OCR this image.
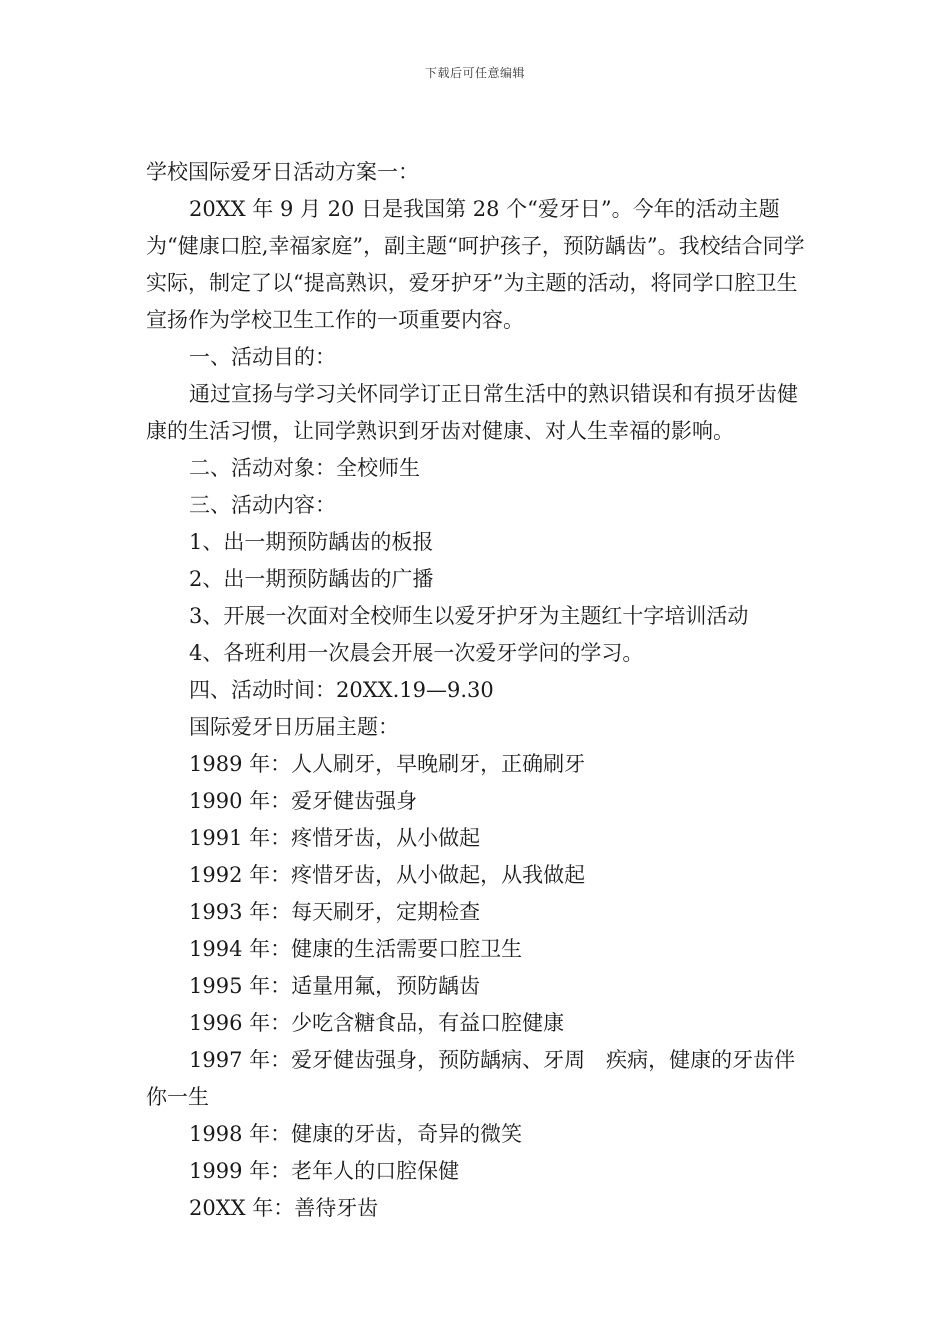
下载后可任意编辑

学校国际爱牙日活动方案一：

20XX 年 9 月 20 日是我国第 28 个“爱牙日”。今年的活动主题为“健康口腔,幸福家庭”，副主题“呵护孩子，预防龋齿”。我校结合同学实际，制定了以“提高熟识，爱牙护牙”为主题的活动，将同学口腔卫生宣扬作为学校卫生工作的一项重要内容。

一、活动目的：

通过宣扬与学习关怀同学订正日常生活中的熟识错误和有损牙齿健康的生活习惯，让同学熟识到牙齿对健康、对人生幸福的影响。

二、活动对象：全校师生

三、活动内容：

1、出一期预防龋齿的板报

2、出一期预防龋齿的广播

3、开展一次面对全校师生以爱牙护牙为主题红十字培训活动

4、各班利用一次晨会开展一次爱牙学问的学习。

四、活动时间：20XX.19—9.30

国际爱牙日历届主题：

1989 年：人人刷牙，早晚刷牙，正确刷牙

1990 年：爱牙健齿强身

1991 年：疼惜牙齿，从小做起

1992 年：疼惜牙齿，从小做起，从我做起

1993 年：每天刷牙，定期检查

1994 年：健康的生活需要口腔卫生

1995 年：适量用氟，预防龋齿

1996 年：少吃含糖食品，有益口腔健康

1997 年：爱牙健齿强身，预防龋病、牙周　疾病，健康的牙齿伴你一生

1998 年：健康的牙齿，奇异的微笑

1999 年：老年人的口腔保健

20XX 年：善待牙齿
